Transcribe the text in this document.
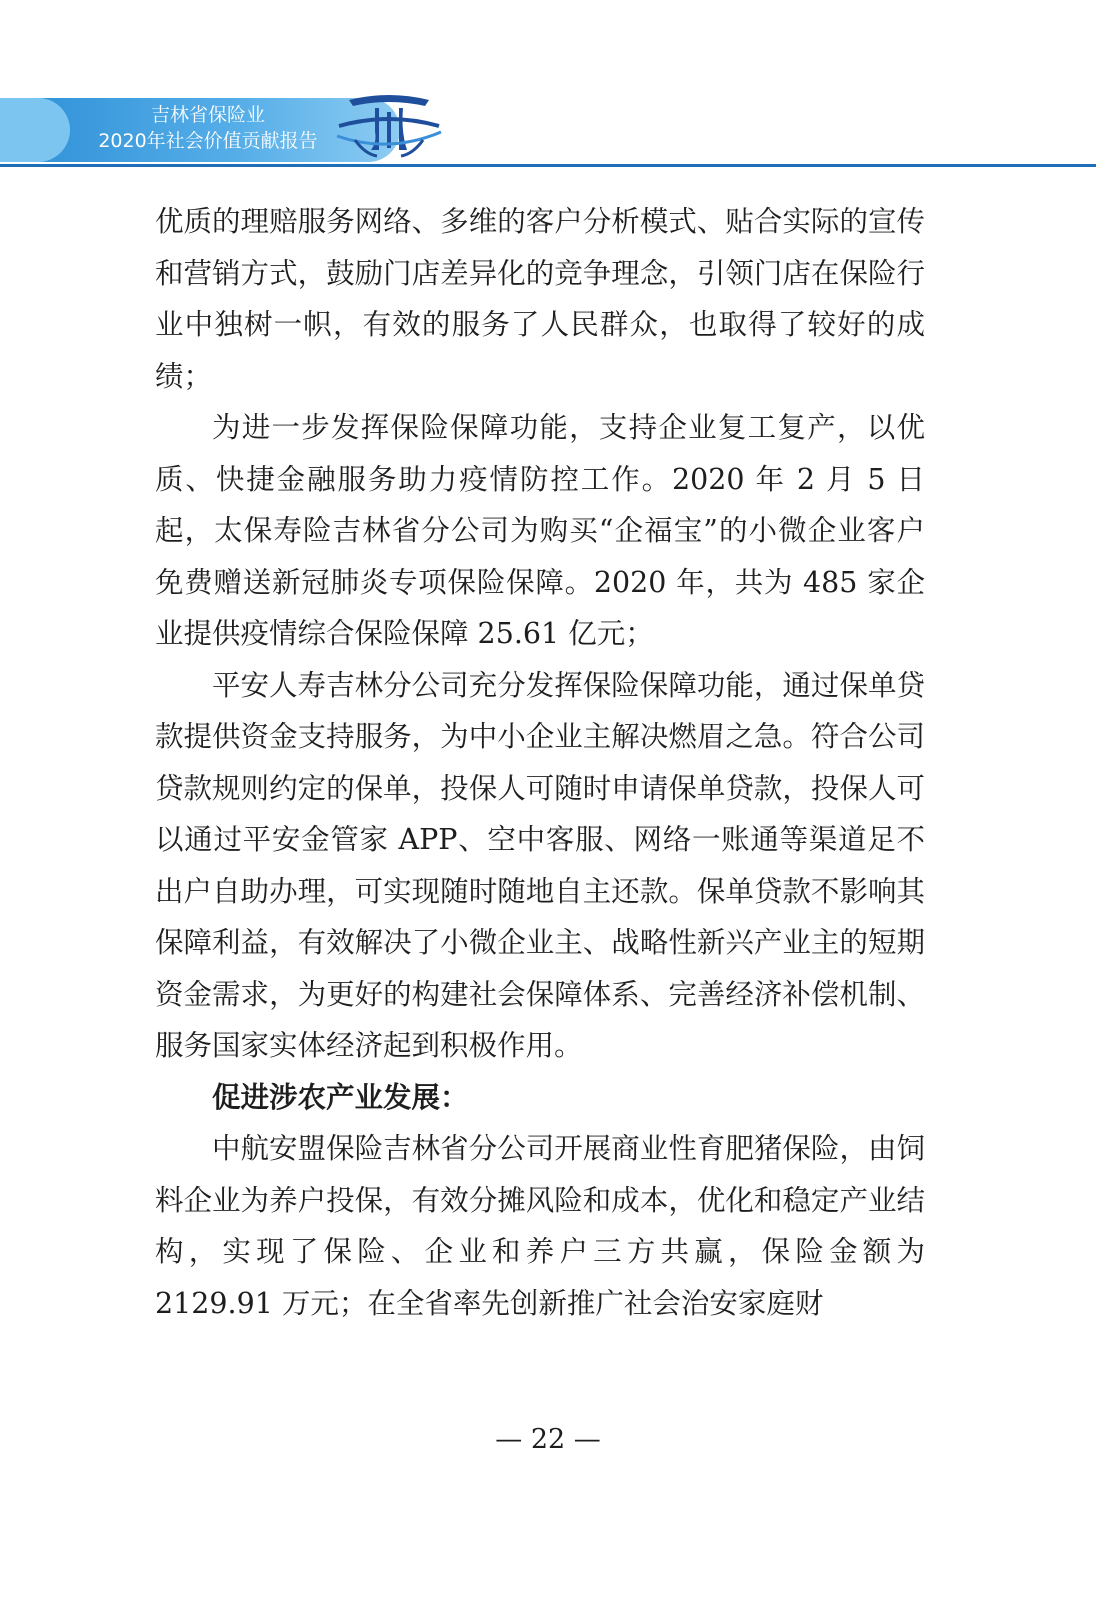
吉林省保险业
2020年社会价值贡献报告

优质的理赔服务网络、多维的客户分析模式、贴合实际的宣传和营销方式，鼓励门店差异化的竞争理念，引领门店在保险行业中独树一帜，有效的服务了人民群众，也取得了较好的成绩；

为进一步发挥保险保障功能，支持企业复工复产，以优质、快捷金融服务助力疫情防控工作。2020 年 2 月 5 日起，太保寿险吉林省分公司为购买“企福宝”的小微企业客户免费赠送新冠肺炎专项保险保障。2020 年，共为 485 家企业提供疫情综合保险保障 25.61 亿元；

平安人寿吉林分公司充分发挥保险保障功能，通过保单贷款提供资金支持服务，为中小企业主解决燃眉之急。符合公司贷款规则约定的保单，投保人可随时申请保单贷款，投保人可以通过平安金管家 APP、空中客服、网络一账通等渠道足不出户自助办理，可实现随时随地自主还款。保单贷款不影响其保障利益，有效解决了小微企业主、战略性新兴产业主的短期资金需求，为更好的构建社会保障体系、完善经济补偿机制、服务国家实体经济起到积极作用。

促进涉农产业发展：

中航安盟保险吉林省分公司开展商业性育肥猪保险，由饲料企业为养户投保，有效分摊风险和成本，优化和稳定产业结构，实现了保险、企业和养户三方共赢，保险金额为 2129.91 万元；在全省率先创新推广社会治安家庭财

— 22 —
